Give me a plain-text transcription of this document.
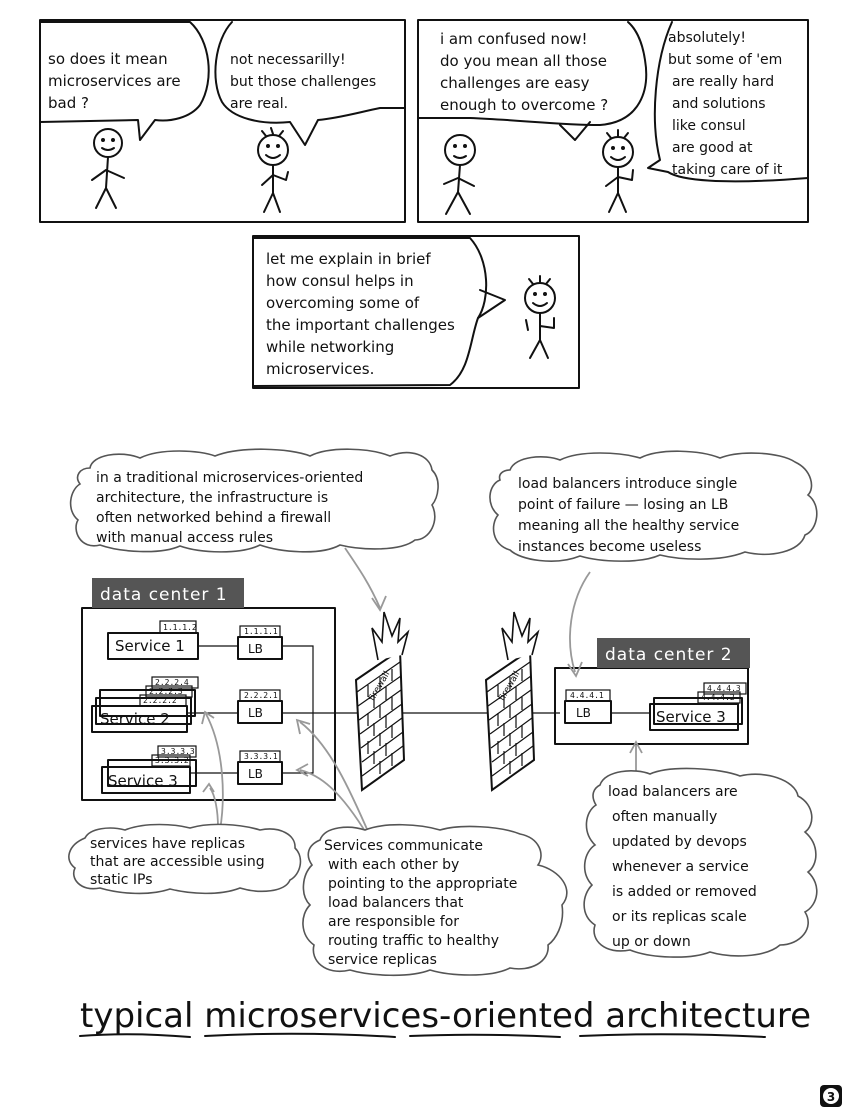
so does it mean microservices are bad ?
not necessarilly! but those challenges are real.
i am confused now! do you mean all those challenges are easy enough to overcome ?
absolutely! but some of 'em are really hard and solutions like consul are good at taking care of it
let me explain in brief how consul helps in overcoming some of the important challenges while networking microservices.
in a traditional microservices-oriented architecture, the infrastructure is often networked behind a firewall with manual access rules
load balancers introduce single point of failure — losing an LB meaning all the healthy service instances become useless
data center 1
1.1.1.2
Service 1
2.2.2.4
2.2.2.3
2.2.2.2
Service 2
3.3.3.3
3.3.3.2
Service 3
1.1.1.1
LB
2.2.2.1
LB
3.3.3.1
LB
firewall	firewall
data center 2
4.4.4.1
LB
4.4.4.3
4.4.4.2
Service 3
services have replicas that are accessible using static IPs
Services communicate with each other by pointing to the appropriate load balancers that are responsible for routing traffic to healthy service replicas
load balancers are often manually updated by devops whenever a service is added or removed or its replicas scale up or down
typical microservices-oriented architecture
3
